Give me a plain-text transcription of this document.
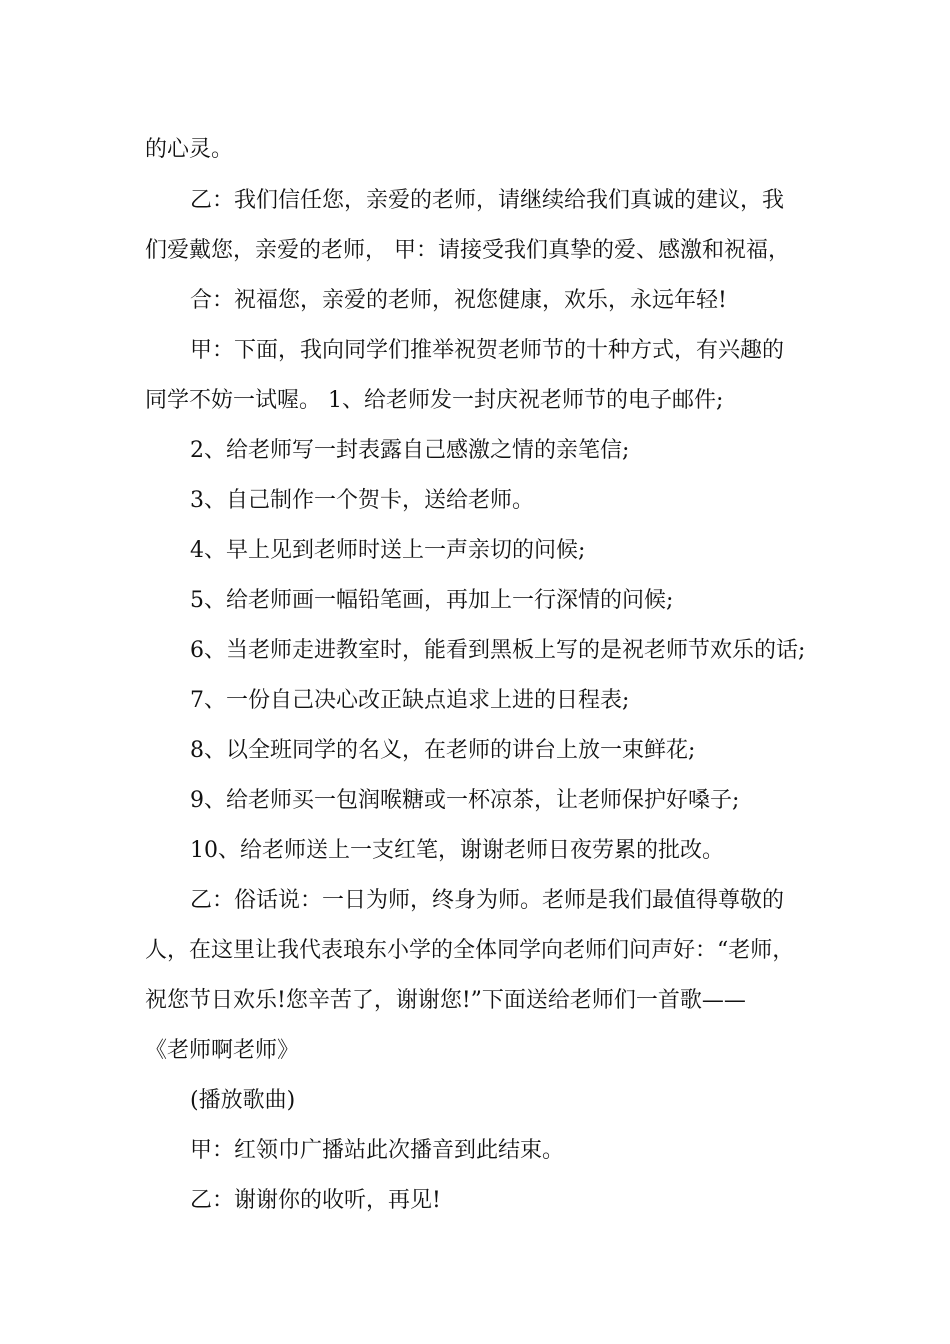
的心灵。

乙：我们信任您，亲爱的老师，请继续给我们真诚的建议，我

们爱戴您，亲爱的老师， 甲：请接受我们真挚的爱、感激和祝福，

合：祝福您，亲爱的老师，祝您健康，欢乐，永远年轻!

甲：下面，我向同学们推举祝贺老师节的十种方式，有兴趣的

同学不妨一试喔。 1、给老师发一封庆祝老师节的电子邮件;

2、给老师写一封表露自己感激之情的亲笔信;

3、自己制作一个贺卡，送给老师。

4、早上见到老师时送上一声亲切的问候;

5、给老师画一幅铅笔画，再加上一行深情的问候;

6、当老师走进教室时，能看到黑板上写的是祝老师节欢乐的话;

7、一份自己决心改正缺点追求上进的日程表;

8、以全班同学的名义，在老师的讲台上放一束鲜花;

9、给老师买一包润喉糖或一杯凉茶，让老师保护好嗓子;

10、给老师送上一支红笔，谢谢老师日夜劳累的批改。

乙：俗话说：一日为师，终身为师。老师是我们最值得尊敬的

人，在这里让我代表琅东小学的全体同学向老师们问声好：“老师，

祝您节日欢乐!您辛苦了，谢谢您!”下面送给老师们一首歌——

《老师啊老师》

(播放歌曲)

甲：红领巾广播站此次播音到此结束。

乙：谢谢你的收听，再见!
